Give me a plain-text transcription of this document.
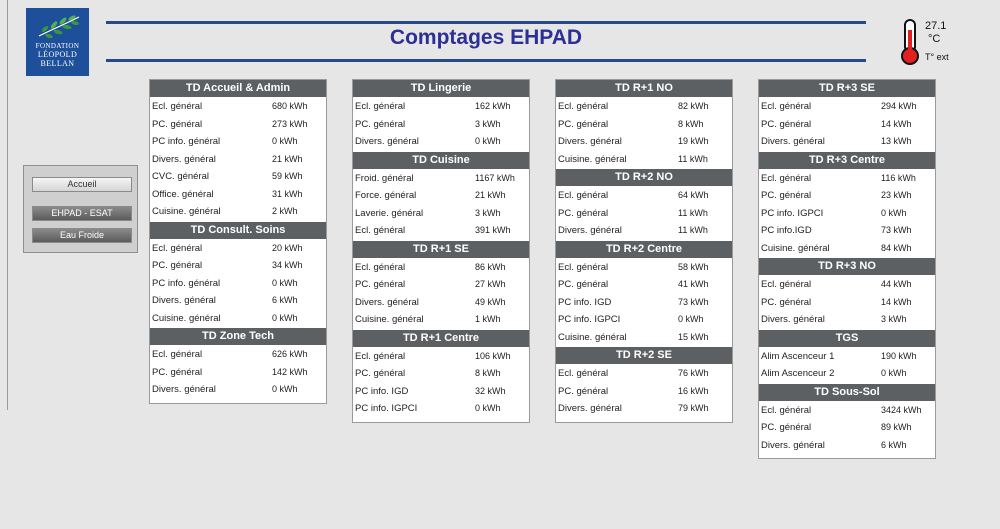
FONDATION
LÉOPOLD
BELLAN
Comptages EHPAD	27.1
°C
T° ext
Accueil
EHPAD - ESAT
Eau Froide
TD Accueil & Admin
Ecl. général	680 kWh
PC. général	273 kWh
PC info. général	0 kWh
Divers. général	21 kWh
CVC. général	59 kWh
Office. général	31 kWh
Cuisine. général	2 kWh
TD Consult. Soins
Ecl. général	20 kWh
PC. général	34 kWh
PC info. général	0 kWh
Divers. général	6 kWh
Cuisine. général	0 kWh
TD Zone Tech
Ecl. général	626 kWh
PC. général	142 kWh
Divers. général	0 kWh
TD Lingerie
Ecl. général	162 kWh
PC. général	3 kWh
Divers. général	0 kWh
TD Cuisine
Froid. général	1167 kWh
Force. général	21 kWh
Laverie. général	3 kWh
Ecl. général	391 kWh
TD R+1 SE
Ecl. général	86 kWh
PC. général	27 kWh
Divers. général	49 kWh
Cuisine. général	1 kWh
TD R+1 Centre
Ecl. général	106 kWh
PC. général	8 kWh
PC info. IGD	32 kWh
PC info. IGPCI	0 kWh
TD R+1 NO
Ecl. général	82 kWh
PC. général	8 kWh
Divers. général	19 kWh
Cuisine. général	11 kWh
TD R+2 NO
Ecl. général	64 kWh
PC. général	11 kWh
Divers. général	11 kWh
TD R+2 Centre
Ecl. général	58 kWh
PC. général	41 kWh
PC info. IGD	73 kWh
PC info. IGPCI	0 kWh
Cuisine. général	15 kWh
TD R+2 SE
Ecl. général	76 kWh
PC. général	16 kWh
Divers. général	79 kWh
TD R+3 SE
Ecl. général	294 kWh
PC. général	14 kWh
Divers. général	13 kWh
TD R+3 Centre
Ecl. général	116 kWh
PC. général	23 kWh
PC info. IGPCI	0 kWh
PC info.IGD	73 kWh
Cuisine. général	84 kWh
TD R+3 NO
Ecl. général	44 kWh
PC. général	14 kWh
Divers. général	3 kWh
TGS
Alim Ascenceur 1	190 kWh
Alim Ascenceur 2	0 kWh
TD Sous-Sol
Ecl. général	3424 kWh
PC. général	89 kWh
Divers. général	6 kWh
